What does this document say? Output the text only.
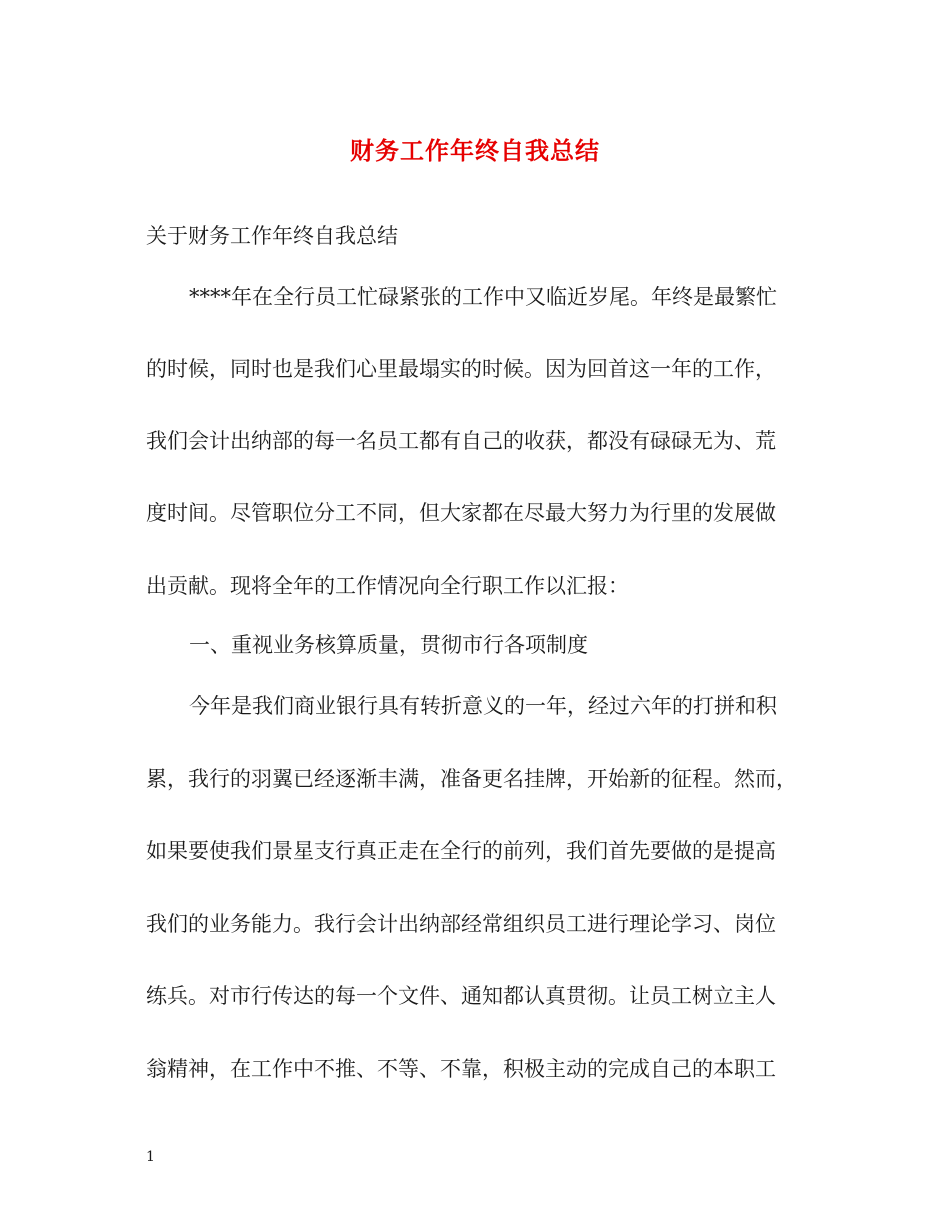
财务工作年终自我总结
关于财务工作年终自我总结
****年在全行员工忙碌紧张的工作中又临近岁尾。年终是最繁忙
的时候，同时也是我们心里最塌实的时候。因为回首这一年的工作，
我们会计出纳部的每一名员工都有自己的收获，都没有碌碌无为、荒
度时间。尽管职位分工不同，但大家都在尽最大努力为行里的发展做
出贡献。现将全年的工作情况向全行职工作以汇报：
一、重视业务核算质量，贯彻市行各项制度
今年是我们商业银行具有转折意义的一年，经过六年的打拼和积
累，我行的羽翼已经逐渐丰满，准备更名挂牌，开始新的征程。然而，
如果要使我们景星支行真正走在全行的前列，我们首先要做的是提高
我们的业务能力。我行会计出纳部经常组织员工进行理论学习、岗位
练兵。对市行传达的每一个文件、通知都认真贯彻。让员工树立主人
翁精神，在工作中不推、不等、不靠，积极主动的完成自己的本职工
1
